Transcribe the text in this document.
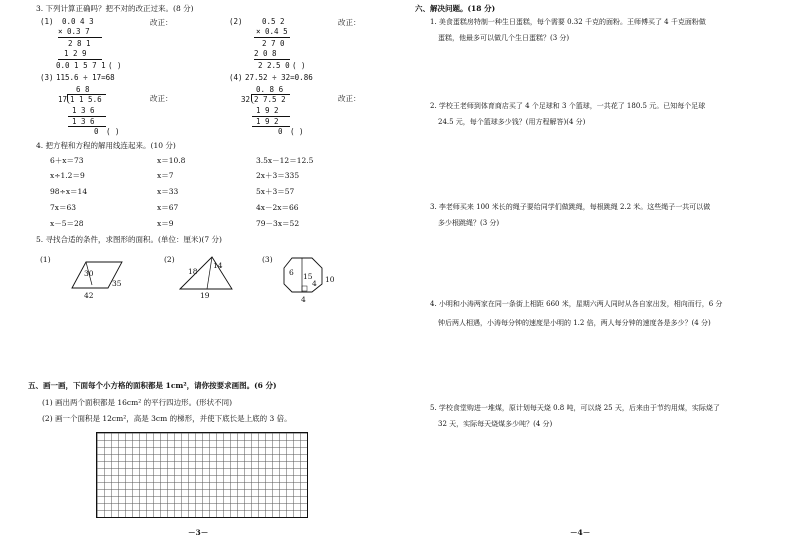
3. 下列计算正确吗？把不对的改正过来。(8 分)
(1) 0.0 4 3
× 0.3 7
2 8 1
1 2 9
0.0 1 5 7 1 ( )
改正：	(2)	0.5 2
× 0.4 5
2 7 0
2 0 8
2 2.5 0 ( )
改正：
(3) 115.6 ÷ 17=68
6 8
17 1 1 5.6
1 3 6
1 3 6
0 ( )
改正：
(4) 27.52 ÷ 32=0.86
0. 8 6
32 2 7.5 2
1 9 2
1 9 2
0 ( )
改正：
4. 把方程和方程的解用线连起来。(10 分)
6＋x＝73
x÷1.2＝9
98÷x＝14
7x＝63
x－5＝28
x＝10.8
x＝7
x＝33
x＝67
x＝9
3.5x－12＝12.5
2x＋3＝335
5x＋3＝57
4x－2x＝66
79－3x＝52
5. 寻找合适的条件，求图形的面积。(单位：厘米)(7 分)
(1)
30
35
42
(2)
18
14
19
(3)
6 15
4 10
4
五、画一画，下面每个小方格的面积都是 1cm²，请你按要求画图。(6 分)
(1) 画出两个面积都是 16cm² 的平行四边形。(形状不同)
(2) 画一个面积是 12cm²，高是 3cm 的梯形，并使下底长是上底的 3 倍。
－3－
六、解决问题。(18 分)
1. 美食蛋糕房特制一种生日蛋糕，每个需要 0.32 千克的面粉。王师傅买了 4 千克面粉做
蛋糕，他最多可以做几个生日蛋糕？(3 分)
2. 学校王老师到体育商店买了 4 个足球和 3 个篮球，一共花了 180.5 元。已知每个足球
24.5 元，每个篮球多少钱？(用方程解答)(4 分)
3. 李老师买来 100 米长的绳子要给同学们做跳绳，每根跳绳 2.2 米。这些绳子一共可以做
多少根跳绳？(3 分)
4. 小明和小涛两家在同一条街上相距 660 米，星期六两人同时从各自家出发，相向而行，6 分
钟后两人相遇，小涛每分钟的速度是小明的 1.2 倍，两人每分钟的速度各是多少？(4 分)
5. 学校食堂购进一堆煤，原计划每天烧 0.8 吨，可以烧 25 天，后来由于节约用煤，实际烧了
32 天，实际每天烧煤多少吨？(4 分)
－4－
